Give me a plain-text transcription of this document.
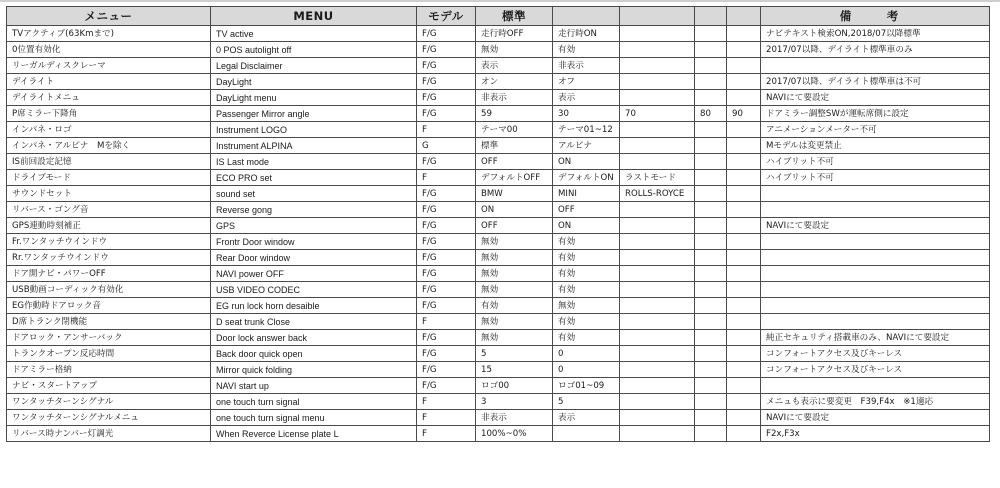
メニュー	MENU	モデル	標準					備　考
TVアクティブ(63Kmまで)	TV active	F/G	走行時OFF	走行時ON				ナビテキスト検索ON,2018/07以降標準
0位置有効化	0 POS autolight off	F/G	無効	有効				2017/07以降、デイライト標準車のみ
リーガルディスクレーマ	Legal Disclaimer	F/G	表示	非表示				
デイライト	DayLight	F/G	オン	オフ				2017/07以降、デイライト標準車は不可
デイライトメニュ	DayLight menu	F/G	非表示	表示				NAVIにて要設定
P席ミラー下降角	Passenger Mirror angle	F/G	59	30	70	80	90	ドアミラー調整SWが運転席側に設定
インパネ・ロゴ	Instrument LOGO	F	テーマ00	テーマ01~12				アニメーションメーター不可
インパネ・アルピナ　Mを除く	Instrument ALPINA	G	標準	アルピナ				Mモデルは変更禁止
IS前回設定記憶	IS Last mode	F/G	OFF	ON				ハイブリット不可
ドライブモード	ECO PRO set	F	デフォルトOFF	デフォルトON	ラストモード			ハイブリット不可
サウンドセット	sound set	F/G	BMW	MINI	ROLLS-ROYCE			
リバース・ゴング音	Reverse gong	F/G	ON	OFF				
GPS連動時刻補正	GPS	F/G	OFF	ON				NAVIにて要設定
Fr.ワンタッチウインドウ	Frontr Door window	F/G	無効	有効				
Rr.ワンタッチウインドウ	Rear Door window	F/G	無効	有効				
ドア開ナビ・パワーOFF	NAVI power OFF	F/G	無効	有効				
USB動画コーディック有効化	USB VIDEO CODEC	F/G	無効	有効				
EG作動時ドアロック音	EG run lock horn desaible	F/G	有効	無効				
D席トランク閉機能	D seat trunk Close	F	無効	有効				
ドアロック・アンサーバック	Door lock answer back	F/G	無効	有効				純正セキュリティ搭載車のみ、NAVIにて要設定
トランクオープン反応時間	Back door quick open	F/G	5	0				コンフォートアクセス及びキーレス
ドアミラー格納	Mirror quick folding	F/G	15	0				コンフォートアクセス及びキーレス
ナビ・スタートアップ	NAVI start up	F/G	ロゴ00	ロゴ01~09				
ワンタッチターンシグナル	one touch turn signal	F	3	5				メニュも表示に要変更　F39,F4x　※1適応
ワンタッチターンシグナルメニュ	one touch turn signal menu	F	非表示	表示				NAVIにて要設定
リバース時ナンバー灯調光	When Reverce License plate L	F	100%~0%					F2x,F3x
